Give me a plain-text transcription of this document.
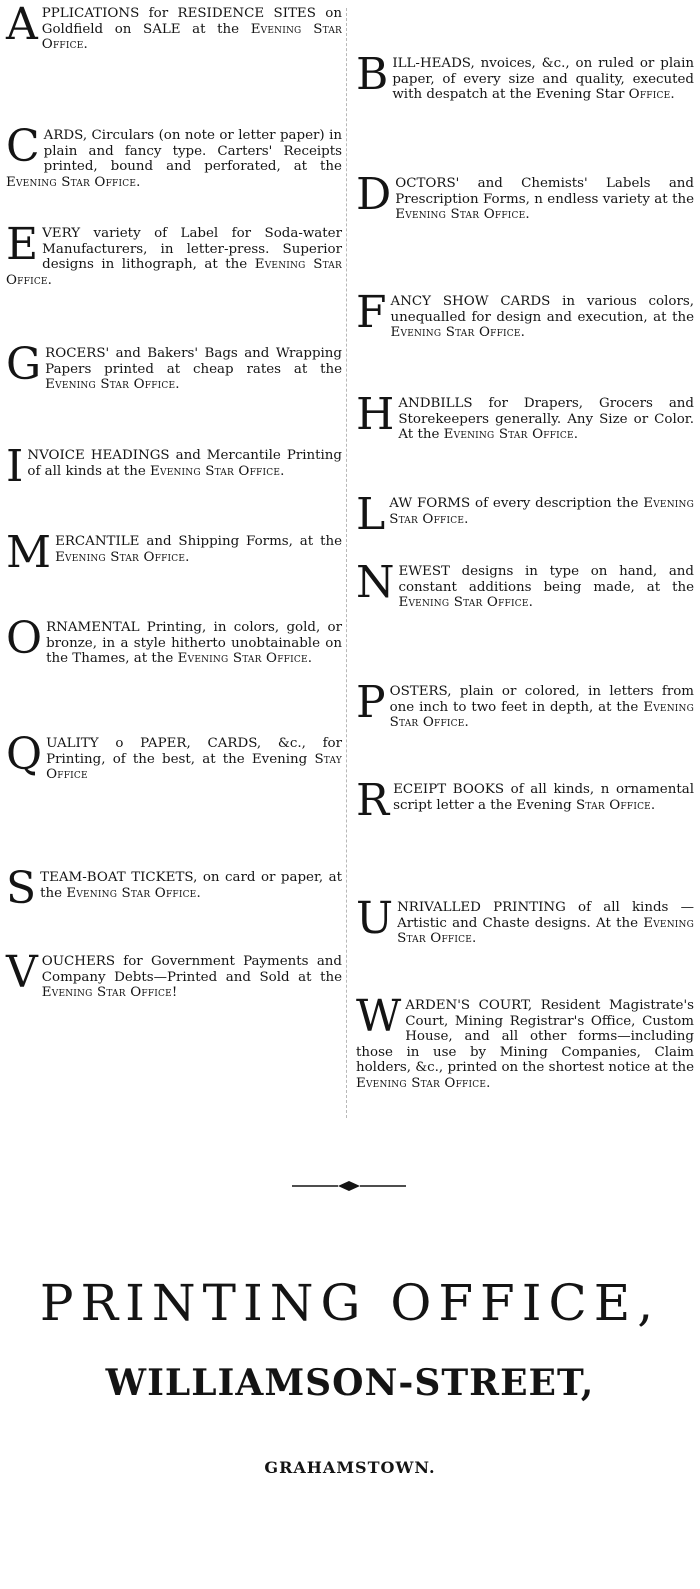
APPLICATIONS for RESIDENCE SITES on Goldfield on SALE at the Evening Star Office.
CARDS, Circulars (on note or letter paper) in plain and fancy type. Carters' Receipts printed, bound and perforated, at the Evening Star Office.
EVERY variety of Label for Soda-water Manufacturers, in letter-press. Superior designs in lithograph, at the Evening Star Office.
GROCERS' and Bakers' Bags and Wrapping Papers printed at cheap rates at the Evening Star Office.
INVOICE HEADINGS and Mercantile Printing of all kinds at the Evening Star Office.
MERCANTILE and Shipping Forms, at the Evening Star Office.
ORNAMENTAL Printing, in colors, gold, or bronze, in a style hitherto unobtainable on the Thames, at the Evening Star Office.
QUALITY o PAPER, CARDS, &c., for Printing, of the best, at the Evening Stay Office
STEAM-BOAT TICKETS, on card or paper, at the Evening Star Office.
VOUCHERS for Government Payments and Company Debts—Printed and Sold at the Evening Star Office!
BILL-HEADS, nvoices, &c., on ruled or plain paper, of every size and quality, executed with despatch at the Evening Star Office.
DOCTORS' and Chemists' Labels and Prescription Forms, n endless variety at the Evening Star Office.
FANCY SHOW CARDS in various colors, unequalled for design and execution, at the Evening Star Office.
HANDBILLS for Drapers, Grocers and Storekeepers generally. Any Size or Color. At the Evening Star Office.
LAW FORMS of every description the Evening Star Office.
NEWEST designs in type on hand, and constant additions being made, at the Evening Star Office.
POSTERS, plain or colored, in letters from one inch to two feet in depth, at the Evening Star Office.
RECEIPT BOOKS of all kinds, n ornamental script letter a the Evening Star Office.
UNRIVALLED PRINTING of all kinds —Artistic and Chaste designs. At the Evening Star Office.
WARDEN'S COURT, Resident Magistrate's Court, Mining Registrar's Office, Custom House, and all other forms—including those in use by Mining Companies, Claim holders, &c., printed on the shortest notice at the Evening Star Office.
PRINTING OFFICE,
WILLIAMSON-STREET,
GRAHAMSTOWN.
